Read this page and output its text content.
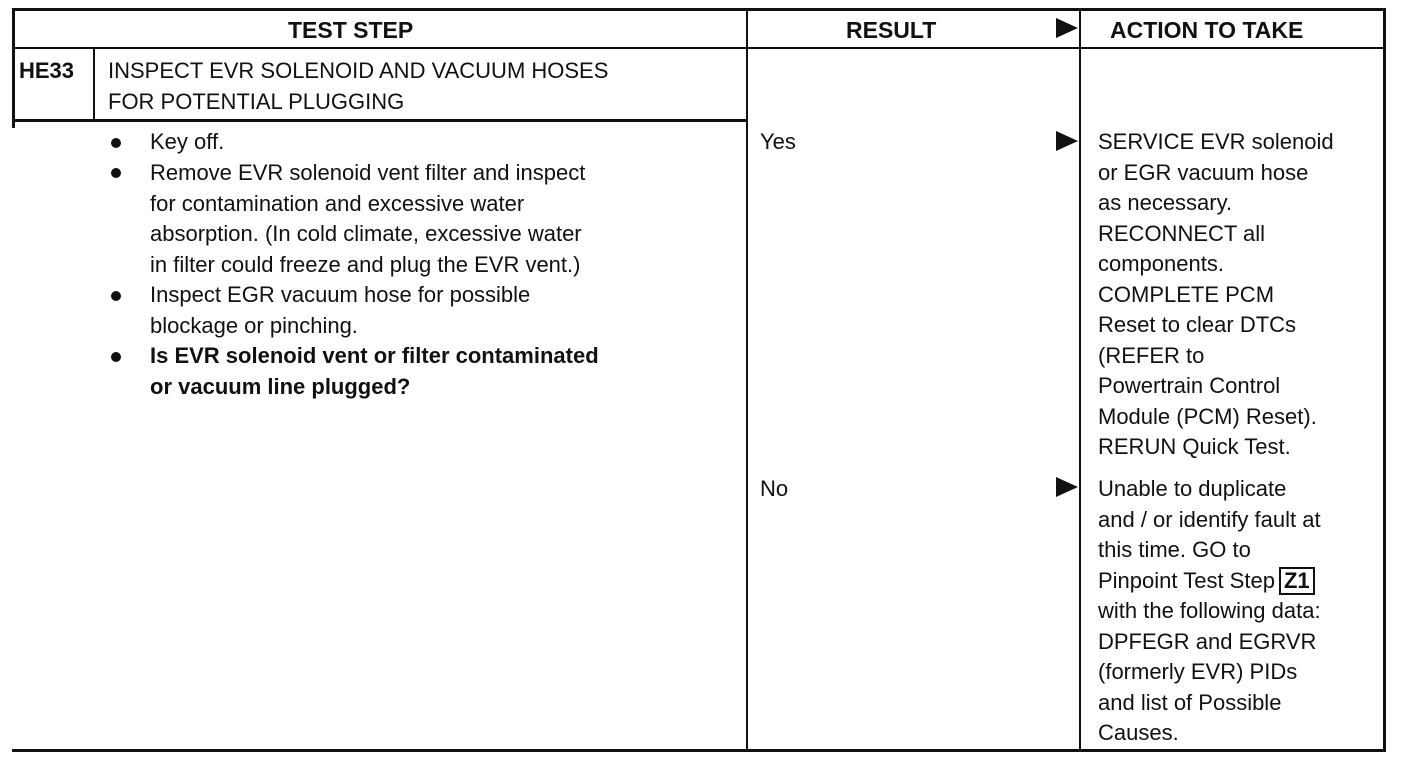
TEST STEP	RESULT	ACTION TO TAKE
HE33 INSPECT EVR SOLENOID AND VACUUM HOSES
FOR POTENTIAL PLUGGING
Key off.
Remove EVR solenoid vent filter and inspect
for contamination and excessive water
absorption. (In cold climate, excessive water
in filter could freeze and plug the EVR vent.)
Inspect EGR vacuum hose for possible
blockage or pinching.
Is EVR solenoid vent or filter contaminated
or vacuum line plugged?
Yes	SERVICE EVR solenoid
or EGR vacuum hose
as necessary.
RECONNECT all
components.
COMPLETE PCM
Reset to clear DTCs
(REFER to
Powertrain Control
Module (PCM) Reset).
RERUN Quick Test.
No	Unable to duplicate
and / or identify fault at
this time. GO to
Pinpoint Test Step Z1
with the following data:
DPFEGR and EGRVR
(formerly EVR) PIDs
and list of Possible
Causes.
